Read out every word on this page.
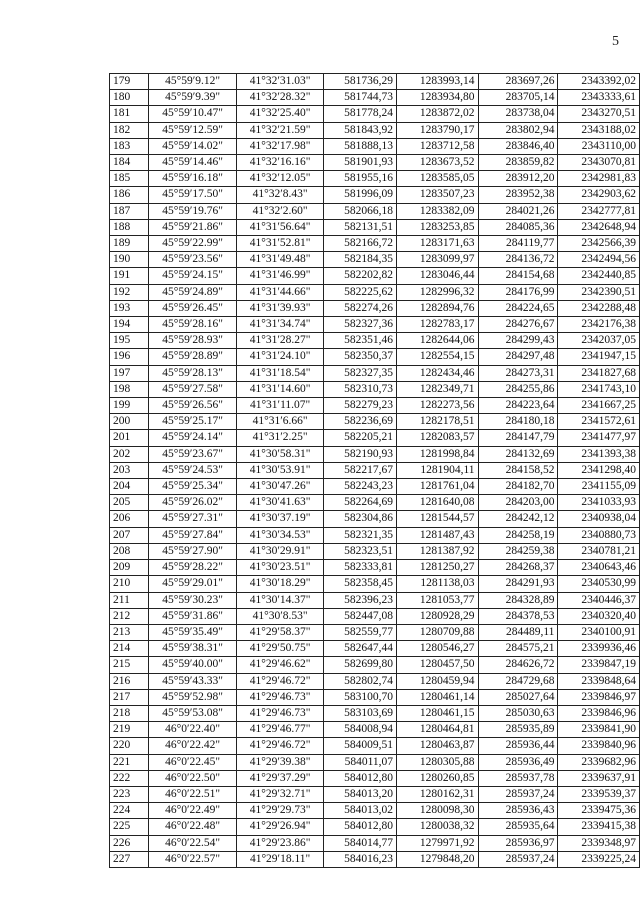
5
179	45°59′9.12"	41°32′31.03"	581736,29	1283993,14	283697,26	2343392,02
180	45°59′9.39"	41°32′28.32"	581744,73	1283934,80	283705,14	2343333,61
181	45°59′10.47"	41°32′25.40"	581778,24	1283872,02	283738,04	2343270,51
182	45°59′12.59"	41°32′21.59"	581843,92	1283790,17	283802,94	2343188,02
183	45°59′14.02"	41°32′17.98"	581888,13	1283712,58	283846,40	2343110,00
184	45°59′14.46"	41°32′16.16"	581901,93	1283673,52	283859,82	2343070,81
185	45°59′16.18"	41°32′12.05"	581955,16	1283585,05	283912,20	2342981,83
186	45°59′17.50"	41°32′8.43"	581996,09	1283507,23	283952,38	2342903,62
187	45°59′19.76"	41°32′2.60"	582066,18	1283382,09	284021,26	2342777,81
188	45°59′21.86"	41°31′56.64"	582131,51	1283253,85	284085,36	2342648,94
189	45°59′22.99"	41°31′52.81"	582166,72	1283171,63	284119,77	2342566,39
190	45°59′23.56"	41°31′49.48"	582184,35	1283099,97	284136,72	2342494,56
191	45°59′24.15"	41°31′46.99"	582202,82	1283046,44	284154,68	2342440,85
192	45°59′24.89"	41°31′44.66"	582225,62	1282996,32	284176,99	2342390,51
193	45°59′26.45"	41°31′39.93"	582274,26	1282894,76	284224,65	2342288,48
194	45°59′28.16"	41°31′34.74"	582327,36	1282783,17	284276,67	2342176,38
195	45°59′28.93"	41°31′28.27"	582351,46	1282644,06	284299,43	2342037,05
196	45°59′28.89"	41°31′24.10"	582350,37	1282554,15	284297,48	2341947,15
197	45°59′28.13"	41°31′18.54"	582327,35	1282434,46	284273,31	2341827,68
198	45°59′27.58"	41°31′14.60"	582310,73	1282349,71	284255,86	2341743,10
199	45°59′26.56"	41°31′11.07"	582279,23	1282273,56	284223,64	2341667,25
200	45°59′25.17"	41°31′6.66"	582236,69	1282178,51	284180,18	2341572,61
201	45°59′24.14"	41°31′2.25"	582205,21	1282083,57	284147,79	2341477,97
202	45°59′23.67"	41°30′58.31"	582190,93	1281998,84	284132,69	2341393,38
203	45°59′24.53"	41°30′53.91"	582217,67	1281904,11	284158,52	2341298,40
204	45°59′25.34"	41°30′47.26"	582243,23	1281761,04	284182,70	2341155,09
205	45°59′26.02"	41°30′41.63"	582264,69	1281640,08	284203,00	2341033,93
206	45°59′27.31"	41°30′37.19"	582304,86	1281544,57	284242,12	2340938,04
207	45°59′27.84"	41°30′34.53"	582321,35	1281487,43	284258,19	2340880,73
208	45°59′27.90"	41°30′29.91"	582323,51	1281387,92	284259,38	2340781,21
209	45°59′28.22"	41°30′23.51"	582333,81	1281250,27	284268,37	2340643,46
210	45°59′29.01"	41°30′18.29"	582358,45	1281138,03	284291,93	2340530,99
211	45°59′30.23"	41°30′14.37"	582396,23	1281053,77	284328,89	2340446,37
212	45°59′31.86"	41°30′8.53"	582447,08	1280928,29	284378,53	2340320,40
213	45°59′35.49"	41°29′58.37"	582559,77	1280709,88	284489,11	2340100,91
214	45°59′38.31"	41°29′50.75"	582647,44	1280546,27	284575,21	2339936,46
215	45°59′40.00"	41°29′46.62"	582699,80	1280457,50	284626,72	2339847,19
216	45°59′43.33"	41°29′46.72"	582802,74	1280459,94	284729,68	2339848,64
217	45°59′52.98"	41°29′46.73"	583100,70	1280461,14	285027,64	2339846,97
218	45°59′53.08"	41°29′46.73"	583103,69	1280461,15	285030,63	2339846,96
219	46°0′22.40"	41°29′46.77"	584008,94	1280464,81	285935,89	2339841,90
220	46°0′22.42"	41°29′46.72"	584009,51	1280463,87	285936,44	2339840,96
221	46°0′22.45"	41°29′39.38"	584011,07	1280305,88	285936,49	2339682,96
222	46°0′22.50"	41°29′37.29"	584012,80	1280260,85	285937,78	2339637,91
223	46°0′22.51"	41°29′32.71"	584013,20	1280162,31	285937,24	2339539,37
224	46°0′22.49"	41°29′29.73"	584013,02	1280098,30	285936,43	2339475,36
225	46°0′22.48"	41°29′26.94"	584012,80	1280038,32	285935,64	2339415,38
226	46°0′22.54"	41°29′23.86"	584014,77	1279971,92	285936,97	2339348,97
227	46°0′22.57"	41°29′18.11"	584016,23	1279848,20	285937,24	2339225,24
